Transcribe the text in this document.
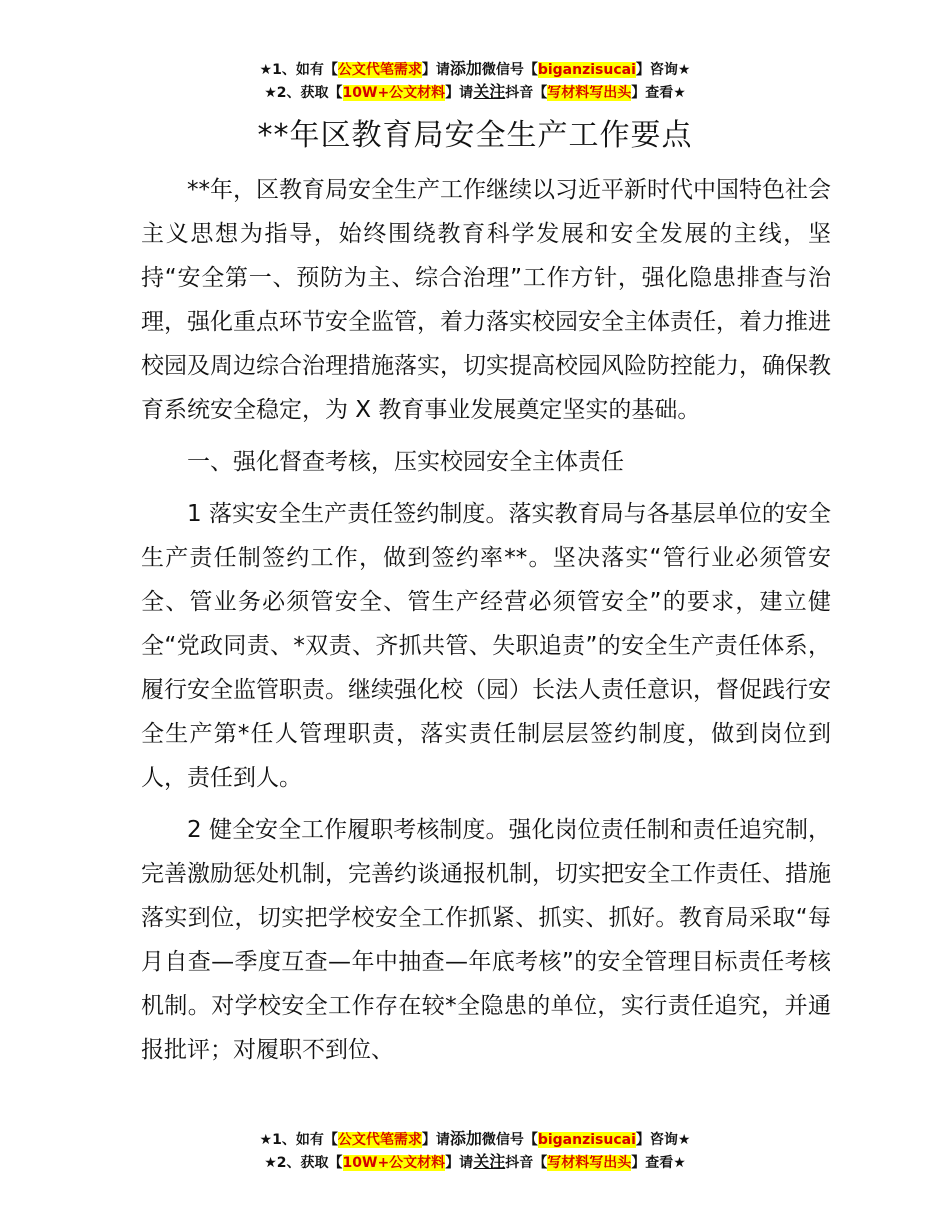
★1、如有【公文代笔需求】请添加微信号【biganzisucai】咨询★
★2、获取【10W+公文材料】请关注抖音【写材料写出头】查看★
**年区教育局安全生产工作要点

**年，区教育局安全生产工作继续以习近平新时代中国特色社会主义思想为指导，始终围绕教育科学发展和安全发展的主线，坚持“安全第一、预防为主、综合治理”工作方针，强化隐患排查与治理，强化重点环节安全监管，着力落实校园安全主体责任，着力推进校园及周边综合治理措施落实，切实提高校园风险防控能力，确保教育系统安全稳定，为 X 教育事业发展奠定坚实的基础。

一、强化督查考核，压实校园安全主体责任

1 落实安全生产责任签约制度。落实教育局与各基层单位的安全生产责任制签约工作，做到签约率**。坚决落实“管行业必须管安全、管业务必须管安全、管生产经营必须管安全”的要求，建立健全“党政同责、*双责、齐抓共管、失职追责”的安全生产责任体系，履行安全监管职责。继续强化校（园）长法人责任意识，督促践行安全生产第*任人管理职责，落实责任制层层签约制度，做到岗位到人，责任到人。

2 健全安全工作履职考核制度。强化岗位责任制和责任追究制，完善激励惩处机制，完善约谈通报机制，切实把安全工作责任、措施落实到位，切实把学校安全工作抓紧、抓实、抓好。教育局采取“每月自查—季度互查—年中抽查—年底考核”的安全管理目标责任考核机制。对学校安全工作存在较*全隐患的单位，实行责任追究，并通报批评；对履职不到位、

★1、如有【公文代笔需求】请添加微信号【biganzisucai】咨询★
★2、获取【10W+公文材料】请关注抖音【写材料写出头】查看★
